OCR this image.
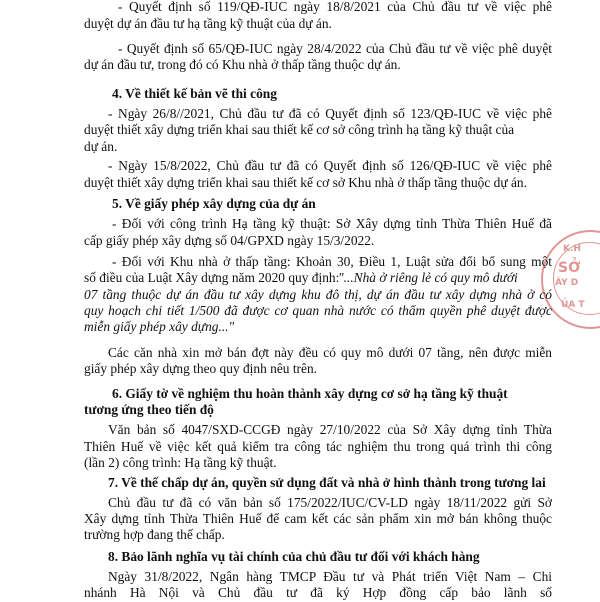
K.H
SỞ
ÂY D
ỦA T
- Quyết định số 119/QĐ-IUC ngày 18/8/2021 của Chủ đầu tư về việc phê
duyệt dự án đầu tư hạ tầng kỹ thuật của dự án.
- Quyết định số 65/QĐ-IUC ngày 28/4/2022 của Chủ đầu tư về việc phê duyệt
dự án đầu tư, trong đó có Khu nhà ở thấp tầng thuộc dự án.
4. Về thiết kế bản vẽ thi công
- Ngày 26/8//2021, Chủ đầu tư đã có Quyết định số 123/QĐ-IUC về việc phê
duyệt thiết xây dựng triển khai sau thiết kế cơ sở công trình hạ tầng kỹ thuật của
dự án.
- Ngày 15/8/2022, Chủ đầu tư đã có Quyết định số 126/QĐ-IUC về việc phê
duyệt thiết xây dựng triển khai sau thiết kế cơ sở Khu nhà ở thấp tầng thuộc dự án.
5. Về giấy phép xây dựng của dự án
- Đối với công trình Hạ tầng kỹ thuật: Sở Xây dựng tỉnh Thừa Thiên Huế đã
cấp giấy phép xây dựng số 04/GPXD ngày 15/3/2022.
- Đối với Khu nhà ở thấp tầng: Khoản 30, Điều 1, Luật sửa đổi bổ sung một
số điều của Luật Xây dựng năm 2020 quy định:
"...Nhà ở riêng lẻ có quy mô dưới
07 tầng thuộc dự án đầu tư xây dựng khu đô thị, dự án đầu tư xây dựng nhà ở có
quy hoạch chi tiết 1/500 đã được cơ quan nhà nước có thẩm quyền phê duyệt được
miễn giấy phép xây dựng..."
Các căn nhà xin mở bán đợt này đều có quy mô dưới 07 tầng, nên được miễn
giấy phép xây dựng theo quy định nêu trên.
6. Giấy tờ về nghiệm thu hoàn thành xây dựng cơ sở hạ tầng kỹ thuật
tương ứng theo tiến độ
Văn bản số 4047/SXD-CCGĐ ngày 27/10/2022 của Sở Xây dựng tỉnh Thừa
Thiên Huế về việc kết quả kiểm tra công tác nghiệm thu trong quá trình thi công
(lần 2) công trình: Hạ tầng kỹ thuật.
7. Về thế chấp dự án, quyền sử dụng đất và nhà ở hình thành trong tương lai
Chủ đầu tư đã có văn bản số 175/2022/IUC/CV-LD ngày 18/11/2022 gửi Sở
Xây dựng tỉnh Thừa Thiên Huế để cam kết các sản phẩm xin mở bán không thuộc
trường hợp đang thế chấp.
8. Bảo lãnh nghĩa vụ tài chính của chủ đầu tư đối với khách hàng
Ngày 31/8/2022, Ngân hàng TMCP Đầu tư và Phát triển Việt Nam – Chi
nhánh Hà Nội và Chủ đầu tư đã ký Hợp đồng cấp bảo lãnh số
